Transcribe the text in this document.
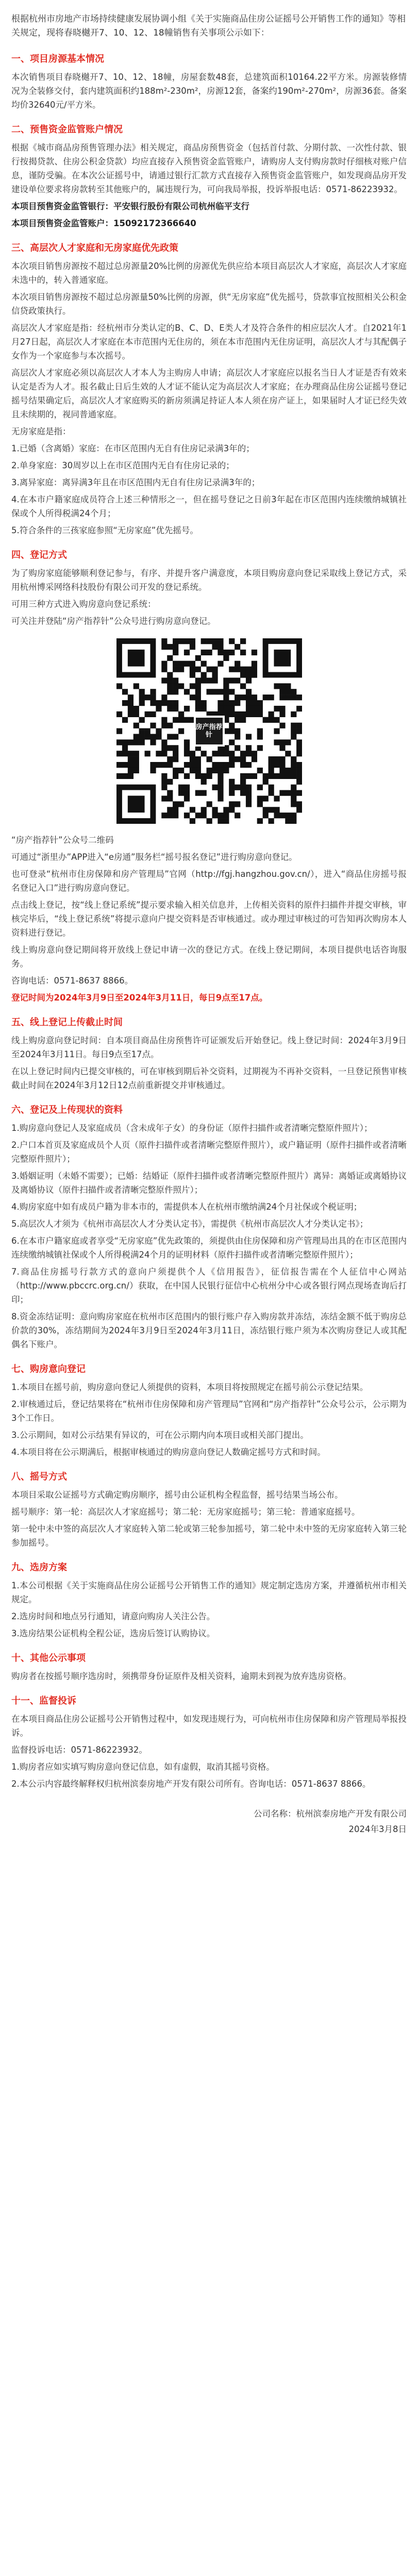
根据杭州市房地产市场持续健康发展协调小组《关于实施商品住房公证摇号公开销售工作的通知》等相关规定，现将春晓樾开7、10、12、18幢销售有关事项公示如下：

一、项目房源基本情况

本次销售项目春晓樾开7、10、12、18幢，房屋套数48套，总建筑面积10164.22平方米。房源装修情况为全装修交付，套内建筑面积约188m²-230m²，房源12套，备案约190m²-270m²，房源36套。备案均价32640元/平方米。

二、预售资金监管账户情况

根据《城市商品房预售管理办法》相关规定，商品房预售资金（包括首付款、分期付款、一次性付款、银行按揭贷款、住房公积金贷款）均应直接存入预售资金监管账户，请购房人支付购房款时仔细核对账户信息，谨防受骗。在本次公证摇号中，请通过银行汇款方式直接存入预售资金监管账户，如发现商品房开发建设单位要求将房款转至其他账户的，属违规行为，可向我局举报，投诉举报电话：0571-86223932。

本项目预售资金监管银行：平安银行股份有限公司杭州临平支行

本项目预售资金监管账户：15092172366640

三、高层次人才家庭和无房家庭优先政策

本次项目销售房源按不超过总房源量20%比例的房源优先供应给本项目高层次人才家庭，高层次人才家庭未选中的，转入普通家庭。

本次项目销售房源按不超过总房源量50%比例的房源，供“无房家庭”优先摇号，贷款事宜按照相关公积金信贷政策执行。

高层次人才家庭是指：经杭州市分类认定的B、C、D、E类人才及符合条件的相应层次人才。自2021年1月27日起，高层次人才家庭在本市范围内无住房的，须在本市范围内无住房证明，高层次人才与其配偶子女作为一个家庭参与本次摇号。

高层次人才家庭必须以高层次人才本人为主购房人申请；高层次人才家庭应以报名当日人才证是否有效来认定是否为人才。报名截止日后生效的人才证不能认定为高层次人才家庭；在办理商品住房公证摇号登记摇号结果确定后，高层次人才家庭购买的新房须满足持证人本人须在房产证上，如果届时人才证已经失效且未续期的，视同普通家庭。

无房家庭是指：

1.已婚（含离婚）家庭：在市区范围内无自有住房记录满3年的；

2.单身家庭：30周岁以上在市区范围内无自有住房记录的；

3.离异家庭：离异满3年且在市区范围内无自有住房记录满3年的；

4.在本市户籍家庭成员符合上述三种情形之一，但在摇号登记之日前3年起在市区范围内连续缴纳城镇社保或个人所得税满24个月；

5.符合条件的三孩家庭参照“无房家庭”优先摇号。

四、登记方式

为了购房家庭能够顺利登记参与，有序、并提升客户满意度，本项目购房意向登记采取线上登记方式，采用杭州博采网络科技股份有限公司开发的登记系统。

可用三种方式进入购房意向登记系统：

可关注并登陆“房产指荐针”公众号进行购房意向登记。

房产指荐针

“房产指荐针”公众号二维码

可通过“浙里办”APP进入“e房通”服务栏“摇号报名登记”进行购房意向登记。

也可登录“杭州市住房保障和房产管理局”官网（http://fgj.hangzhou.gov.cn/），进入“商品住房摇号报名登记入口”进行购房意向登记。

点击线上登记，按“线上登记系统”提示要求输入相关信息并，上传相关资料的原件扫描件并提交审核，审核完毕后，“线上登记系统”将提示意向户提交资料是否审核通过。或办理过审核过的可告知再次购房本人资料进行登记。

线上购房意向登记期间将开放线上登记申请一次的登记方式。在线上登记期间，本项目提供电话咨询服务。

咨询电话：0571-8637 8866。

登记时间为2024年3月9日至2024年3月11日，每日9点至17点。

五、线上登记上传截止时间

线上购房意向登记时间：自本项目商品住房预售许可证颁发后开始登记。线上登记时间：2024年3月9日至2024年3月11日。每日9点至17点。

在以上登记时间内已提交审核的，可在审核到期后补交资料，过期视为不再补交资料，一旦登记预售审核截止时间在2024年3月12日12点前重新提交并审核通过。

六、登记及上传现状的资料

1.购房意向登记人及家庭成员（含未成年子女）的身份证（原件扫描件或者清晰完整原件照片）；

2.户口本首页及家庭成员个人页（原件扫描件或者清晰完整原件照片），或户籍证明（原件扫描件或者清晰完整原件照片）；

3.婚姻证明（未婚不需要）；已婚：结婚证（原件扫描件或者清晰完整原件照片）离异：离婚证或离婚协议及离婚协议（原件扫描件或者清晰完整原件照片）；

4.购房家庭中如有成员户籍为非本市的，需提供本人在杭州市缴纳满24个月社保或个税证明；

5.高层次人才须为《杭州市高层次人才分类认定书》，需提供《杭州市高层次人才分类认定书》；

6.在本市户籍家庭或者享受“无房家庭”优先政策的，须提供由住房保障和房产管理局出具的在市区范围内连续缴纳城镇社保或个人所得税满24个月的证明材料（原件扫描件或者清晰完整原件照片）；

7.商品住房摇号行款方式的意向户须提供个人《信用报告》，征信报告需在个人征信中心网站（http://www.pbccrc.org.cn/）获取，在中国人民银行征信中心杭州分中心或各银行网点现场查询后打印；

8.资金冻结证明：意向购房家庭在杭州市区范围内的银行账户存入购房款并冻结，冻结金额不低于购房总价款的30%，冻结期间为2024年3月9日至2024年3月11日，冻结银行账户须为本次购房登记人或其配偶名下账户。

七、购房意向登记

1.本项目在摇号前，购房意向登记人须提供的资料，本项目将按照规定在摇号前公示登记结果。

2.审核通过后，登记结果将在“杭州市住房保障和房产管理局”官网和“房产指荐针”公众号公示，公示期为3个工作日。

3.公示期间，如对公示结果有异议的，可在公示期内向本项目或相关部门提出。

4.本项目将在公示期满后，根据审核通过的购房意向登记人数确定摇号方式和时间。

八、摇号方式

本项目采取公证摇号方式确定购房顺序，摇号由公证机构全程监督，摇号结果当场公布。

摇号顺序：第一轮：高层次人才家庭摇号；第二轮：无房家庭摇号；第三轮：普通家庭摇号。

第一轮中未中签的高层次人才家庭转入第二轮或第三轮参加摇号，第二轮中未中签的无房家庭转入第三轮参加摇号。

九、选房方案

1.本公司根据《关于实施商品住房公证摇号公开销售工作的通知》规定制定选房方案，并遵循杭州市相关规定。

2.选房时间和地点另行通知，请意向购房人关注公告。

3.选房结果公证机构全程公证，选房后签订认购协议。

十、其他公示事项

购房者在按摇号顺序选房时，须携带身份证原件及相关资料，逾期未到视为放弃选房资格。

十一、监督投诉

在本项目商品住房公证摇号公开销售过程中，如发现违规行为，可向杭州市住房保障和房产管理局举报投诉。

监督投诉电话：0571-86223932。

1.购房者应如实填写购房意向登记信息，如有虚假，取消其摇号资格。

2.本公示内容最终解释权归杭州滨泰房地产开发有限公司所有。咨询电话：0571-8637 8866。

公司名称：杭州滨泰房地产开发有限公司
2024年3月8日
